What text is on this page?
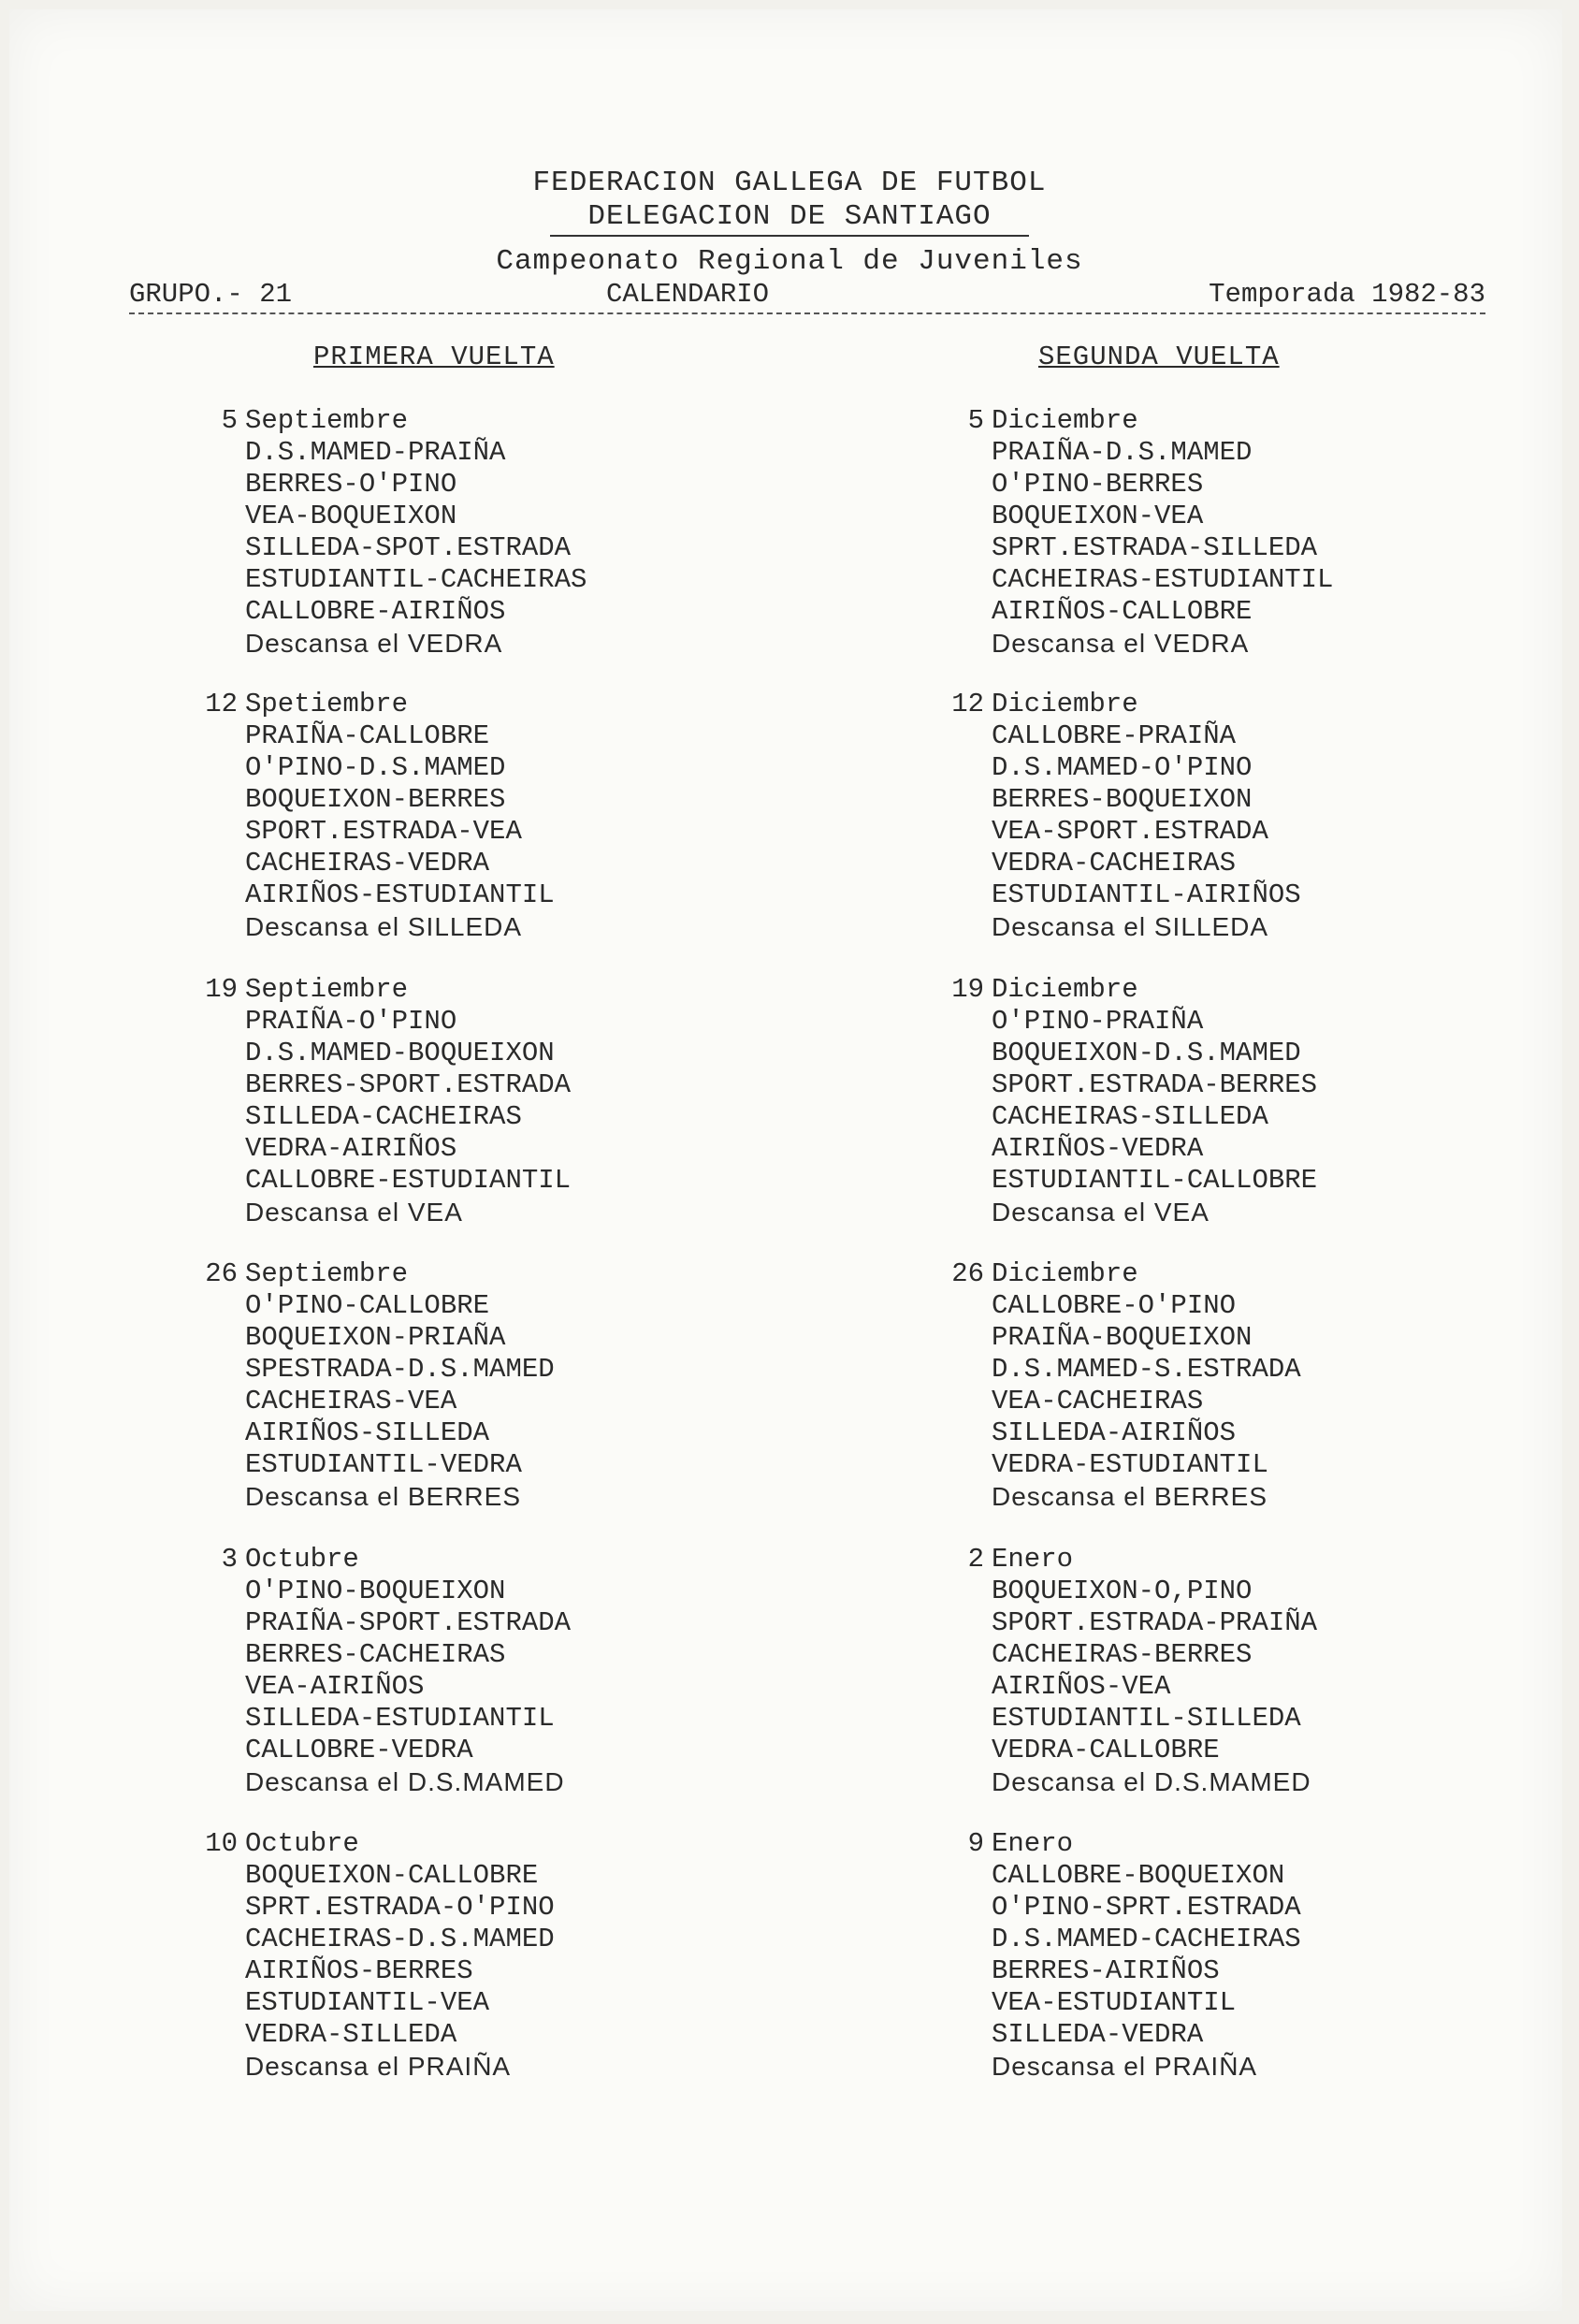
FEDERACION GALLEGA DE FUTBOL
DELEGACION DE SANTIAGO
Campeonato Regional de Juveniles
GRUPO.- 21	CALENDARIO	Temporada 1982-83
PRIMERA VUELTA	SEGUNDA VUELTA
5 Septiembre
D.S.MAMED-PRAIÑA
BERRES-O'PINO
VEA-BOQUEIXON
SILLEDA-SPOT.ESTRADA
ESTUDIANTIL-CACHEIRAS
CALLOBRE-AIRIÑOS
Descansa el VEDRA
12 Spetiembre
PRAIÑA-CALLOBRE
O'PINO-D.S.MAMED
BOQUEIXON-BERRES
SPORT.ESTRADA-VEA
CACHEIRAS-VEDRA
AIRIÑOS-ESTUDIANTIL
Descansa el SILLEDA
19 Septiembre
PRAIÑA-O'PINO
D.S.MAMED-BOQUEIXON
BERRES-SPORT.ESTRADA
SILLEDA-CACHEIRAS
VEDRA-AIRIÑOS
CALLOBRE-ESTUDIANTIL
Descansa el VEA
26 Septiembre
O'PINO-CALLOBRE
BOQUEIXON-PRIAÑA
SPESTRADA-D.S.MAMED
CACHEIRAS-VEA
AIRIÑOS-SILLEDA
ESTUDIANTIL-VEDRA
Descansa el BERRES
3 Octubre
O'PINO-BOQUEIXON
PRAIÑA-SPORT.ESTRADA
BERRES-CACHEIRAS
VEA-AIRIÑOS
SILLEDA-ESTUDIANTIL
CALLOBRE-VEDRA
Descansa el D.S.MAMED
10 Octubre
BOQUEIXON-CALLOBRE
SPRT.ESTRADA-O'PINO
CACHEIRAS-D.S.MAMED
AIRIÑOS-BERRES
ESTUDIANTIL-VEA
VEDRA-SILLEDA
Descansa el PRAIÑA
5 Diciembre
PRAIÑA-D.S.MAMED
O'PINO-BERRES
BOQUEIXON-VEA
SPRT.ESTRADA-SILLEDA
CACHEIRAS-ESTUDIANTIL
AIRIÑOS-CALLOBRE
Descansa el VEDRA
12 Diciembre
CALLOBRE-PRAIÑA
D.S.MAMED-O'PINO
BERRES-BOQUEIXON
VEA-SPORT.ESTRADA
VEDRA-CACHEIRAS
ESTUDIANTIL-AIRIÑOS
Descansa el SILLEDA
19 Diciembre
O'PINO-PRAIÑA
BOQUEIXON-D.S.MAMED
SPORT.ESTRADA-BERRES
CACHEIRAS-SILLEDA
AIRIÑOS-VEDRA
ESTUDIANTIL-CALLOBRE
Descansa el VEA
26 Diciembre
CALLOBRE-O'PINO
PRAIÑA-BOQUEIXON
D.S.MAMED-S.ESTRADA
VEA-CACHEIRAS
SILLEDA-AIRIÑOS
VEDRA-ESTUDIANTIL
Descansa el BERRES
2 Enero
BOQUEIXON-O,PINO
SPORT.ESTRADA-PRAIÑA
CACHEIRAS-BERRES
AIRIÑOS-VEA
ESTUDIANTIL-SILLEDA
VEDRA-CALLOBRE
Descansa el D.S.MAMED
9 Enero
CALLOBRE-BOQUEIXON
O'PINO-SPRT.ESTRADA
D.S.MAMED-CACHEIRAS
BERRES-AIRIÑOS
VEA-ESTUDIANTIL
SILLEDA-VEDRA
Descansa el PRAIÑA
